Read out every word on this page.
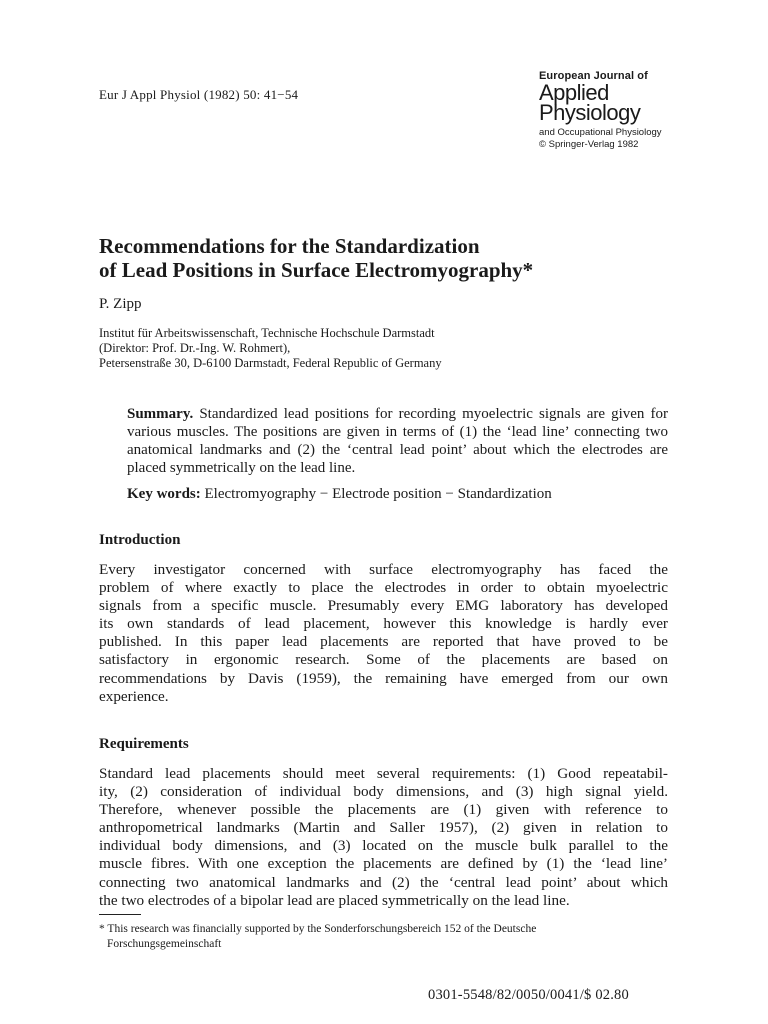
Eur J Appl Physiol (1982) 50: 41−54
European Journal of
Applied
Physiology
and Occupational Physiology
© Springer-Verlag 1982
Recommendations for the Standardization
of Lead Positions in Surface Electromyography*
P. Zipp
Institut für Arbeitswissenschaft, Technische Hochschule Darmstadt
(Direktor: Prof. Dr.-Ing. W. Rohmert),
Petersenstraße 30, D-6100 Darmstadt, Federal Republic of Germany
Summary. Standardized lead positions for recording myoelectric signals are given for various muscles. The positions are given in terms of (1) the ‘lead line’ connecting two anatomical landmarks and (2) the ‘central lead point’ about which the electrodes are placed symmetrically on the lead line.
Key words: Electromyography − Electrode position − Standardization
Introduction
Every investigator concerned with surface electromyography has faced the
problem of where exactly to place the electrodes in order to obtain myoelectric
signals from a specific muscle. Presumably every EMG laboratory has developed
its own standards of lead placement, however this knowledge is hardly ever
published. In this paper lead placements are reported that have proved to be
satisfactory in ergonomic research. Some of the placements are based on
recommendations by Davis (1959), the remaining have emerged from our own
experience.
Requirements
Standard lead placements should meet several requirements: (1) Good repeatabil-
ity, (2) consideration of individual body dimensions, and (3) high signal yield.
Therefore, whenever possible the placements are (1) given with reference to
anthropometrical landmarks (Martin and Saller 1957), (2) given in relation to
individual body dimensions, and (3) located on the muscle bulk parallel to the
muscle fibres. With one exception the placements are defined by (1) the ‘lead line’
connecting two anatomical landmarks and (2) the ‘central lead point’ about which
the two electrodes of a bipolar lead are placed symmetrically on the lead line.
* This research was financially supported by the Sonderforschungsbereich 152 of the Deutsche
Forschungsgemeinschaft
0301-5548/82/0050/0041/$ 02.80
